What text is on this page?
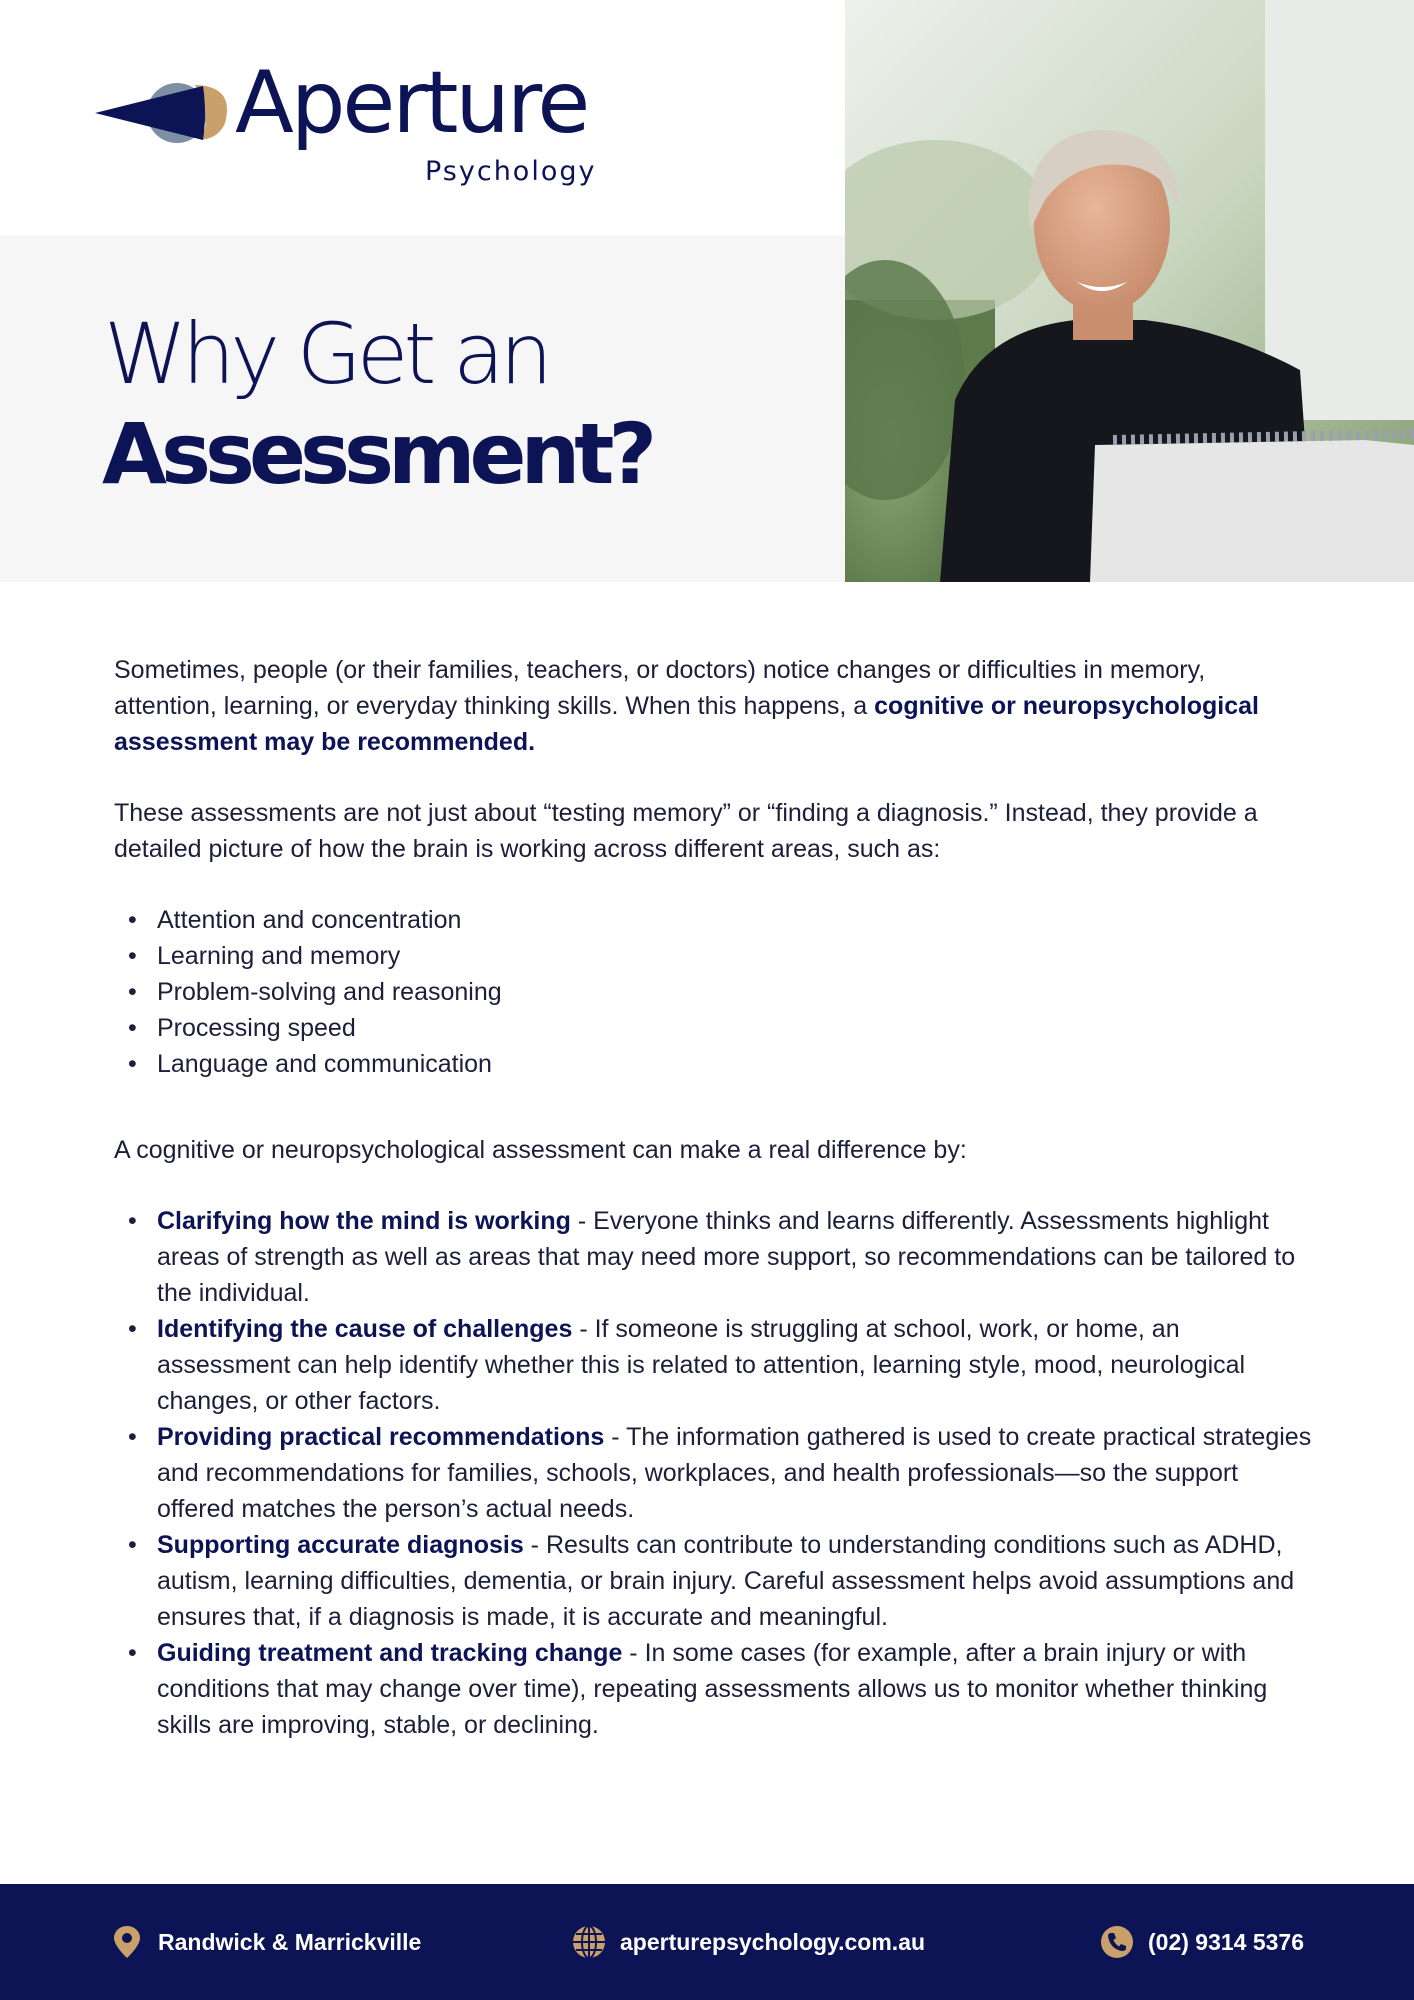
Aperture
Psychology
Why Get an
Assessment?

Sometimes, people (or their families, teachers, or doctors) notice changes or difficulties in memory, attention, learning, or everyday thinking skills. When this happens, a cognitive or neuropsychological assessment may be recommended.

These assessments are not just about “testing memory” or “finding a diagnosis.” Instead, they provide a detailed picture of how the brain is working across different areas, such as:

• Attention and concentration
• Learning and memory
• Problem-solving and reasoning
• Processing speed
• Language and communication

A cognitive or neuropsychological assessment can make a real difference by:

• Clarifying how the mind is working - Everyone thinks and learns differently. Assessments highlight areas of strength as well as areas that may need more support, so recommendations can be tailored to the individual.
• Identifying the cause of challenges - If someone is struggling at school, work, or home, an assessment can help identify whether this is related to attention, learning style, mood, neurological changes, or other factors.
• Providing practical recommendations - The information gathered is used to create practical strategies and recommendations for families, schools, workplaces, and health professionals—so the support offered matches the person’s actual needs.
• Supporting accurate diagnosis - Results can contribute to understanding conditions such as ADHD, autism, learning difficulties, dementia, or brain injury. Careful assessment helps avoid assumptions and ensures that, if a diagnosis is made, it is accurate and meaningful.
• Guiding treatment and tracking change - In some cases (for example, after a brain injury or with conditions that may change over time), repeating assessments allows us to monitor whether thinking skills are improving, stable, or declining.
Randwick & Marrickville	aperturepsychology.com.au	(02) 9314 5376
